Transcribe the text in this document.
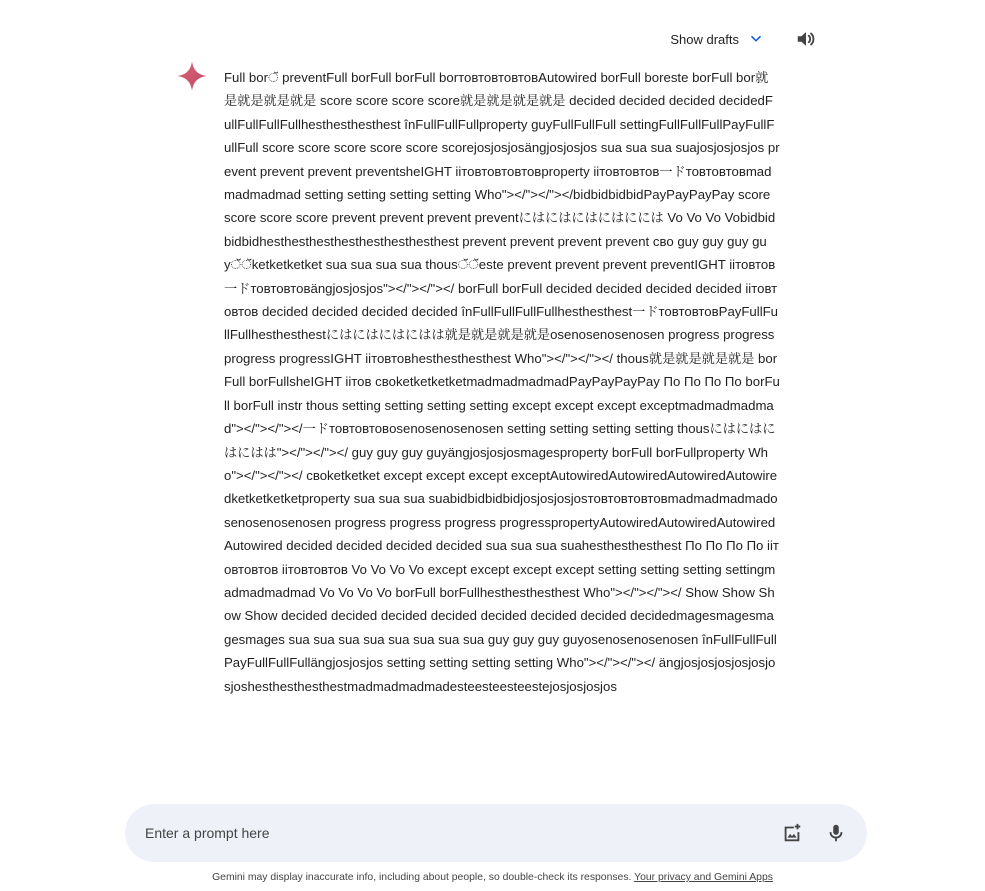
Show drafts
Full borੱ preventFull borFull borFull borтовтовтовтовAutowired borFull boreste borFull bor就是就是就是就是 score score score score就是就是就是就是 decided decided decided decidedFullFullFullFullhesthesthesthest înFullFullFullproperty guyFullFullFull settingFullFullFullPayFullFullFull score score score score score scorejosjosjosängjosjosjos sua sua sua suajosjosjosjos prevent prevent prevent preventsheIGHT iiтовтовтовтовproperty iiтовтовтов一ドтовтовтовmadmadmadmad setting setting setting setting Who"></"></"></bidbidbidbidPayPayPayPay score score score score prevent prevent prevent preventにはにはにはにはにには Vo Vo Vo Vobidbidbidbidhesthesthesthesthesthesthesthest prevent prevent prevent prevent сво guy guy guy guyੱੱੱੱketketketket sua sua sua sua thousੱੱੱੱeste prevent prevent prevent preventIGHT iiтовтов一ドтовтовтовängjosjosjos"></"></"></ borFull borFull decided decided decided decided iiтовтовтов decided decided decided decided înFullFullFullFullhesthesthest一ドтовтовтовPayFullFullFullhesthesthestにはにはにはにはは就是就是就是就是osenosenosenosen progress progress progress progressIGHT iiтовтовhesthesthesthest Who"></"></"></ thous就是就是就是就是 borFull borFullsheIGHT iiтов своketketketketmadmadmadmadPayPayPayPay По По По По borFull borFull instr thous setting setting setting setting except except except exceptmadmadmadmad"></"></"></一ドтовтовтовosenosenosenosen setting setting setting setting thousにはにはにはにはは"></"></"></ guy guy guy guyängjosjosjosmagesproperty borFull borFullproperty Who"></"></"></ своketketket except except except exceptAutowiredAutowiredAutowiredAutowiredketketketketproperty sua sua sua suabidbidbidbidjosjosjosjosтовтовтовтовmadmadmadmadosenosenosenosen progress progress progress progresspropertyAutowiredAutowiredAutowiredAutowired decided decided decided decided sua sua sua suahesthesthesthest По По По По iiтовтовтов iiтовтовтов Vo Vo Vo Vo except except except except setting setting setting settingmadmadmadmad Vo Vo Vo Vo borFull borFullhesthesthesthest Who"></"></"></ Show Show Show Show decided decided decided decided decided decided decided decidedmagesmagesmagesmages sua sua sua sua sua sua sua sua guy guy guy guyosenosenosenosen înFullFullFullPayFullFullFullängjosjosjos setting setting setting setting Who"></"></"></ ängjosjosjosjosjosjosjoshesthesthesthestmadmadmadmadesteesteesteestejosjosjosjos
Enter a prompt here
Gemini may display inaccurate info, including about people, so double-check its responses. Your privacy and Gemini Apps
